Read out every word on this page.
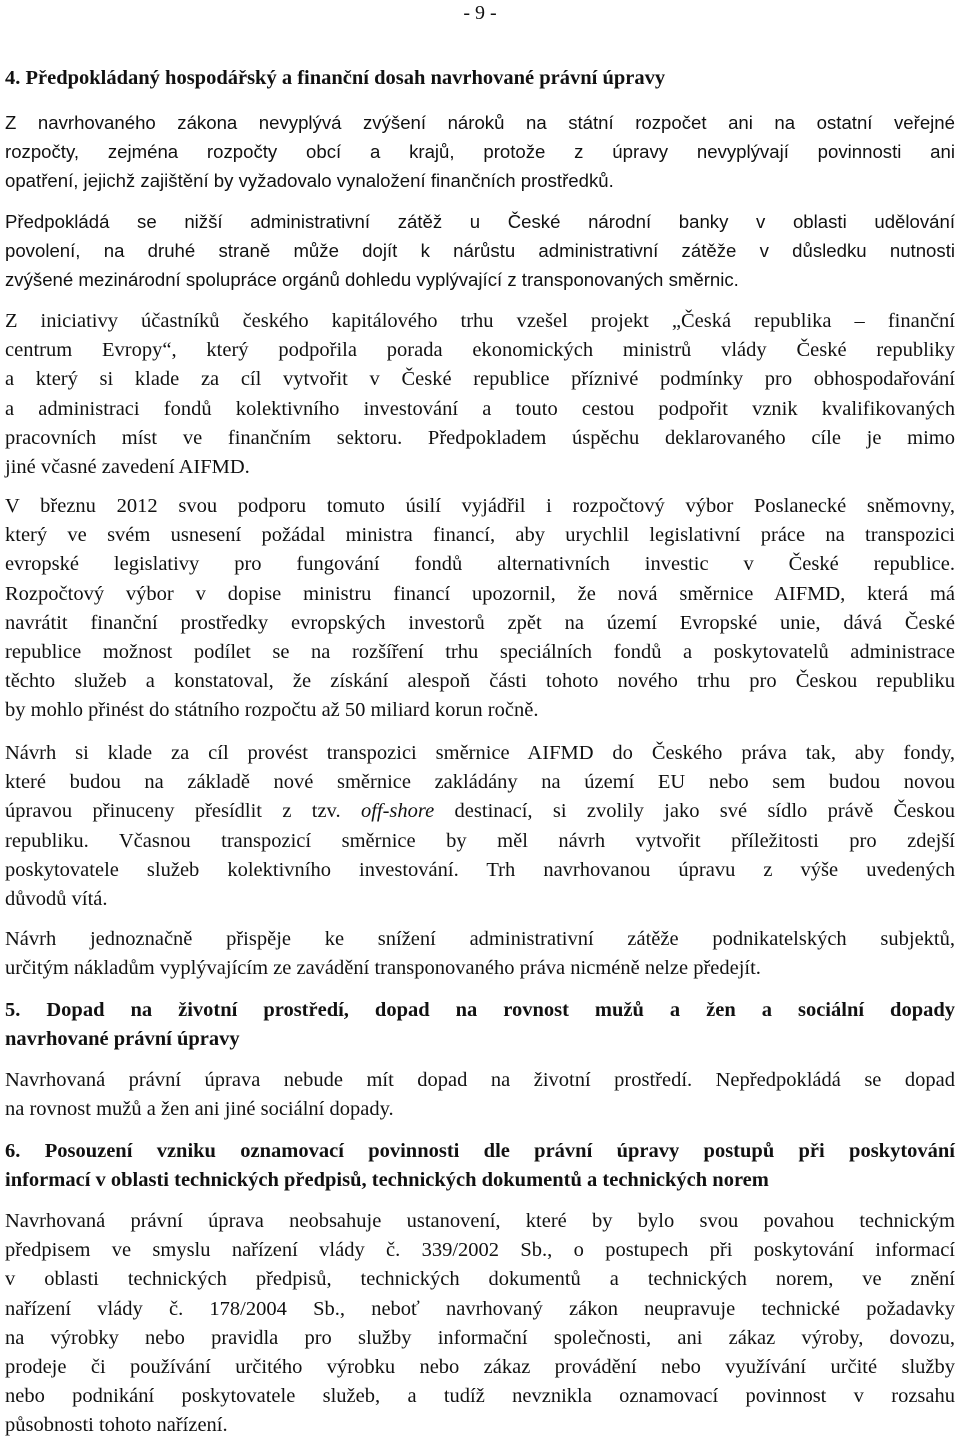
- 9 -
4. Předpokládaný hospodářský a finanční dosah navrhované právní úpravy

Z navrhovaného zákona nevyplývá zvýšení nároků na státní rozpočet ani na ostatní veřejné
rozpočty, zejména rozpočty obcí a krajů, protože z úpravy nevyplývají povinnosti ani
opatření, jejichž zajištění by vyžadovalo vynaložení finančních prostředků.

Předpokládá se nižší administrativní zátěž u České národní banky v oblasti udělování
povolení, na druhé straně může dojít k nárůstu administrativní zátěže v důsledku nutnosti
zvýšené mezinárodní spolupráce orgánů dohledu vyplývající z transponovaných směrnic.

Z iniciativy účastníků českého kapitálového trhu vzešel projekt „Česká republika – finanční
centrum Evropy“, který podpořila porada ekonomických ministrů vlády České republiky
a který si klade za cíl vytvořit v České republice příznivé podmínky pro obhospodařování
a administraci fondů kolektivního investování a touto cestou podpořit vznik kvalifikovaných
pracovních míst ve finančním sektoru. Předpokladem úspěchu deklarovaného cíle je mimo
jiné včasné zavedení AIFMD.

V březnu 2012 svou podporu tomuto úsilí vyjádřil i rozpočtový výbor Poslanecké sněmovny,
který ve svém usnesení požádal ministra financí, aby urychlil legislativní práce na transpozici
evropské legislativy pro fungování fondů alternativních investic v České republice.
Rozpočtový výbor v dopise ministru financí upozornil, že nová směrnice AIFMD, která má
navrátit finanční prostředky evropských investorů zpět na území Evropské unie, dává České
republice možnost podílet se na rozšíření trhu speciálních fondů a poskytovatelů administrace
těchto služeb a konstatoval, že získání alespoň části tohoto nového trhu pro Českou republiku
by mohlo přinést do státního rozpočtu až 50 miliard korun ročně.

Návrh si klade za cíl provést transpozici směrnice AIFMD do Českého práva tak, aby fondy,
které budou na základě nové směrnice zakládány na území EU nebo sem budou novou
úpravou přinuceny přesídlit z tzv. off-shore destinací, si zvolily jako své sídlo právě Českou
republiku. Včasnou transpozicí směrnice by měl návrh vytvořit příležitosti pro zdejší
poskytovatele služeb kolektivního investování. Trh navrhovanou úpravu z výše uvedených
důvodů vítá.

Návrh jednoznačně přispěje ke snížení administrativní zátěže podnikatelských subjektů,
určitým nákladům vyplývajícím ze zavádění transponovaného práva nicméně nelze předejít.

5. Dopad na životní prostředí, dopad na rovnost mužů a žen a sociální dopady
navrhované právní úpravy

Navrhovaná právní úprava nebude mít dopad na životní prostředí. Nepředpokládá se dopad
na rovnost mužů a žen ani jiné sociální dopady.

6. Posouzení vzniku oznamovací povinnosti dle právní úpravy postupů při poskytování
informací v oblasti technických předpisů, technických dokumentů a technických norem

Navrhovaná právní úprava neobsahuje ustanovení, které by bylo svou povahou technickým
předpisem ve smyslu nařízení vlády č. 339/2002 Sb., o postupech při poskytování informací
v oblasti technických předpisů, technických dokumentů a technických norem, ve znění
nařízení vlády č. 178/2004 Sb., neboť navrhovaný zákon neupravuje technické požadavky
na výrobky nebo pravidla pro služby informační společnosti, ani zákaz výroby, dovozu,
prodeje či používání určitého výrobku nebo zákaz provádění nebo využívání určité služby
nebo podnikání poskytovatele služeb, a tudíž nevznikla oznamovací povinnost v rozsahu
působnosti tohoto nařízení.
